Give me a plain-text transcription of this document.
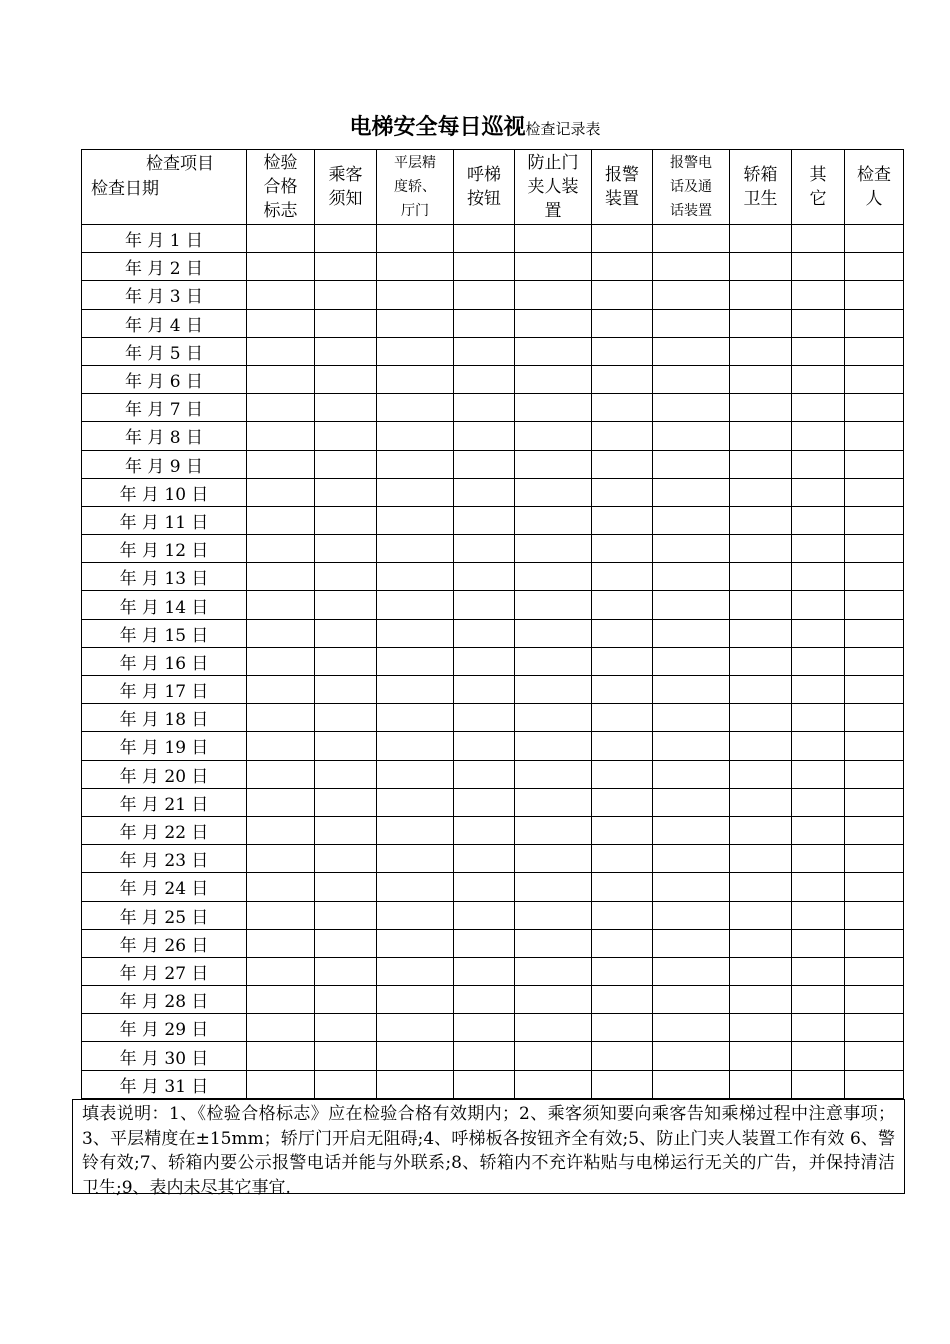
电梯安全每日巡视检查记录表
检查项目
检查日期	检验
合格
标志	乘客
须知	平层精
度轿、
厅门	呼梯
按钮	防止门
夹人装
置	报警
装置	报警电
话及通
话装置	轿箱
卫生	其
它	检查
人
年 月 1 日										
年 月 2 日										
年 月 3 日										
年 月 4 日										
年 月 5 日										
年 月 6 日										
年 月 7 日										
年 月 8 日										
年 月 9 日										
年 月 10 日										
年 月 11 日										
年 月 12 日										
年 月 13 日										
年 月 14 日										
年 月 15 日										
年 月 16 日										
年 月 17 日										
年 月 18 日										
年 月 19 日										
年 月 20 日										
年 月 21 日										
年 月 22 日										
年 月 23 日										
年 月 24 日										
年 月 25 日										
年 月 26 日										
年 月 27 日										
年 月 28 日										
年 月 29 日										
年 月 30 日										
年 月 31 日										
填表说明：1、《检验合格标志》应在检验合格有效期内；2、乘客须知要向乘客告知乘梯过程中注意事项；3、平层精度在±15mm；轿厅门开启无阻碍;4、呼梯板各按钮齐全有效;5、防止门夹人装置工作有效 6、警铃有效;7、轿箱内要公示报警电话并能与外联系;8、轿箱内不充许粘贴与电梯运行无关的广告，并保持清洁卫生;9、表内未尽其它事宜.
